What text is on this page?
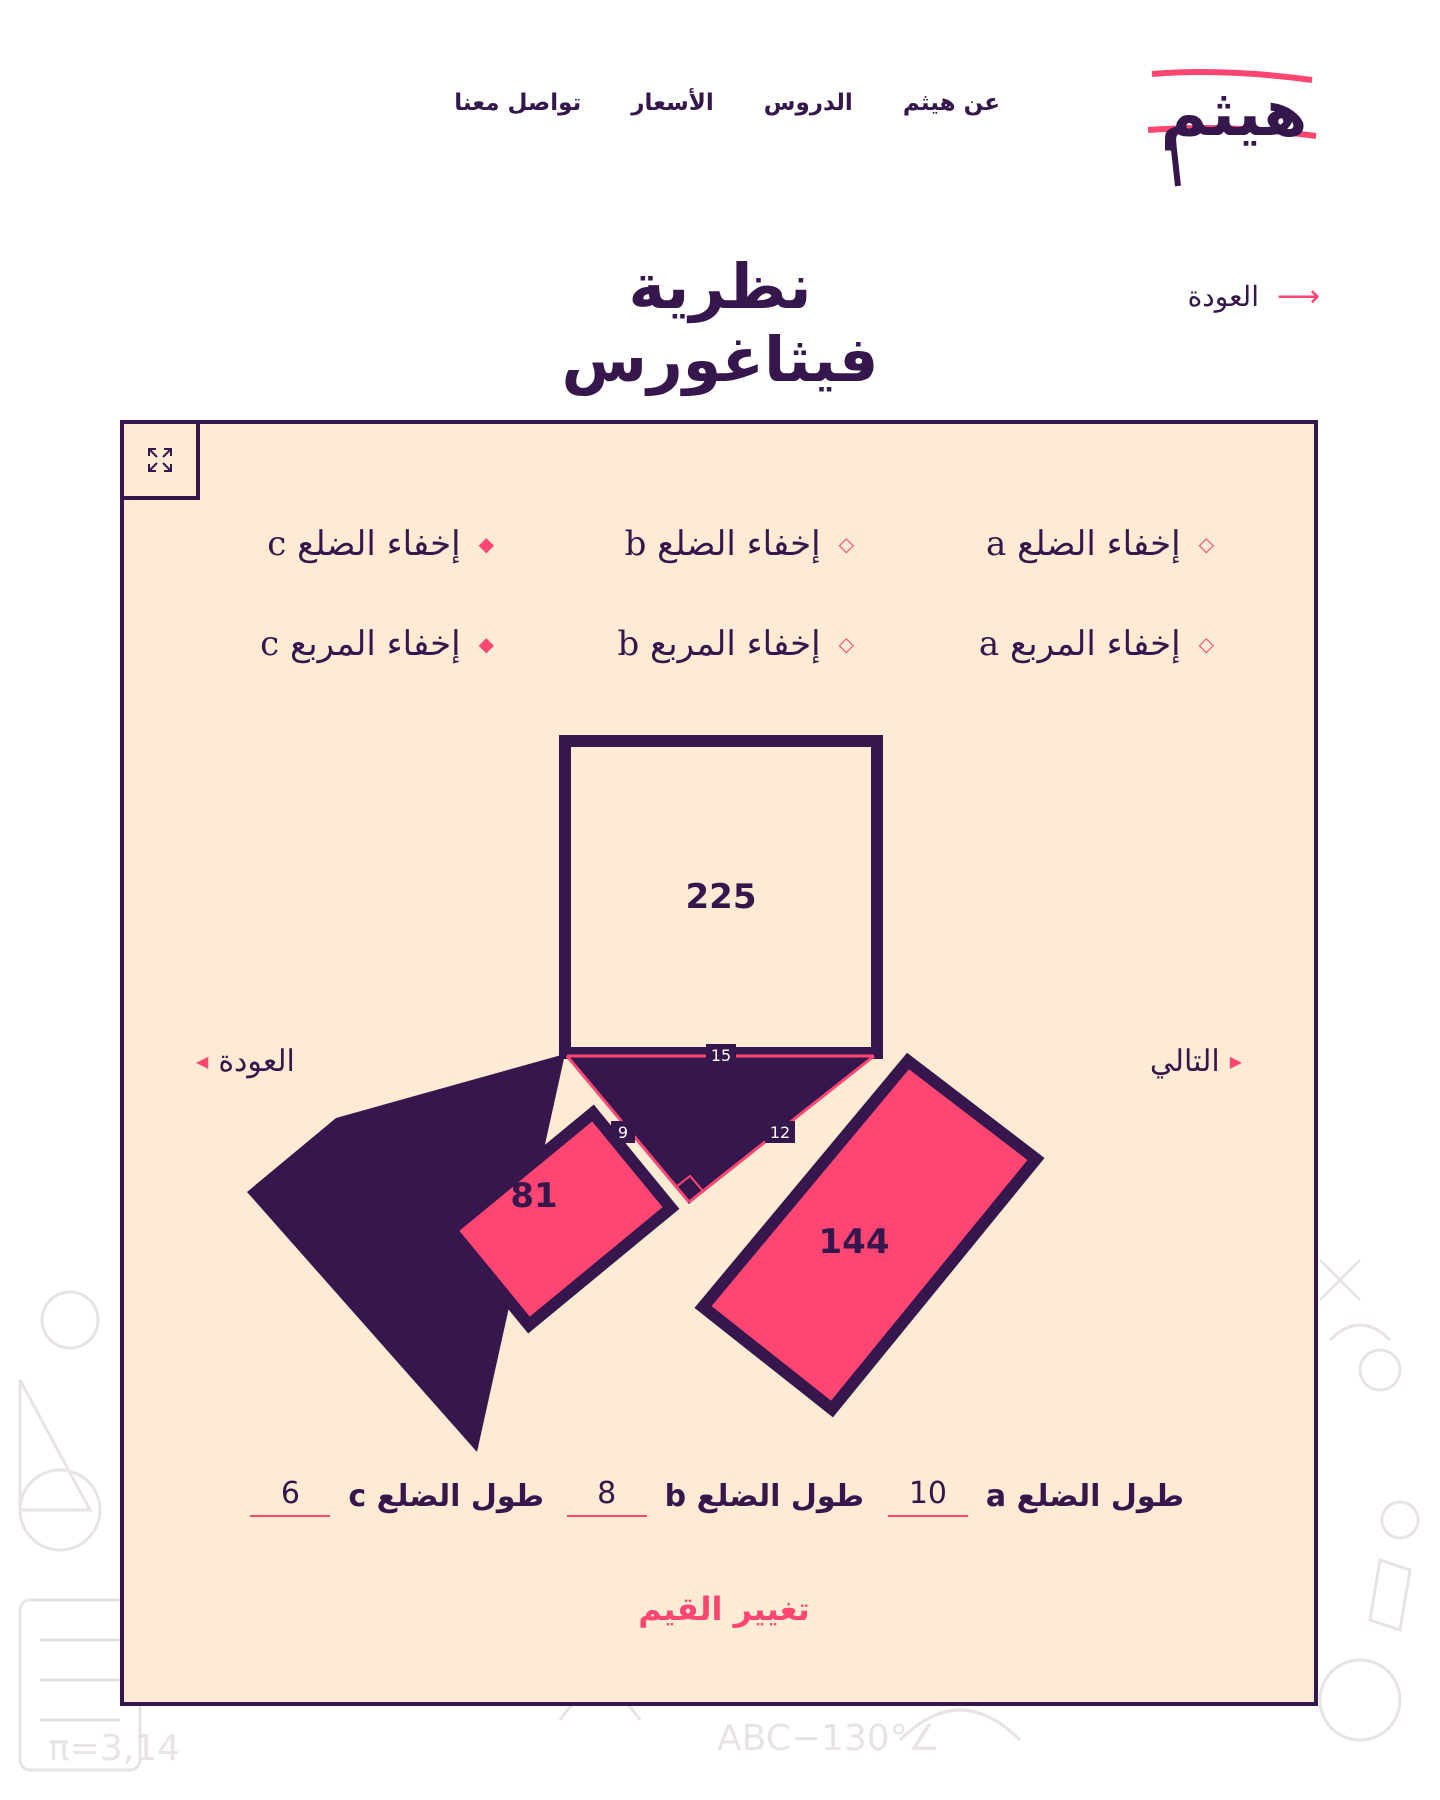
π=3,14	∠ABC−130°
هيثم
عن هيثم
الدروس
الأسعار
تواصل معنا
⟶
العودة
نظرية فيثاغورس
◇
إخفاء الضلع a
◇
إخفاء الضلع b
◆
إخفاء الضلع c
◇
إخفاء المربع a
◇
إخفاء المربع b
◆
إخفاء المربع c
15
9	12
225
81
144
▶
التالي
العودة
◀
طول الضلع a
10
طول الضلع b
8
طول الضلع c
6
تغيير القيم
